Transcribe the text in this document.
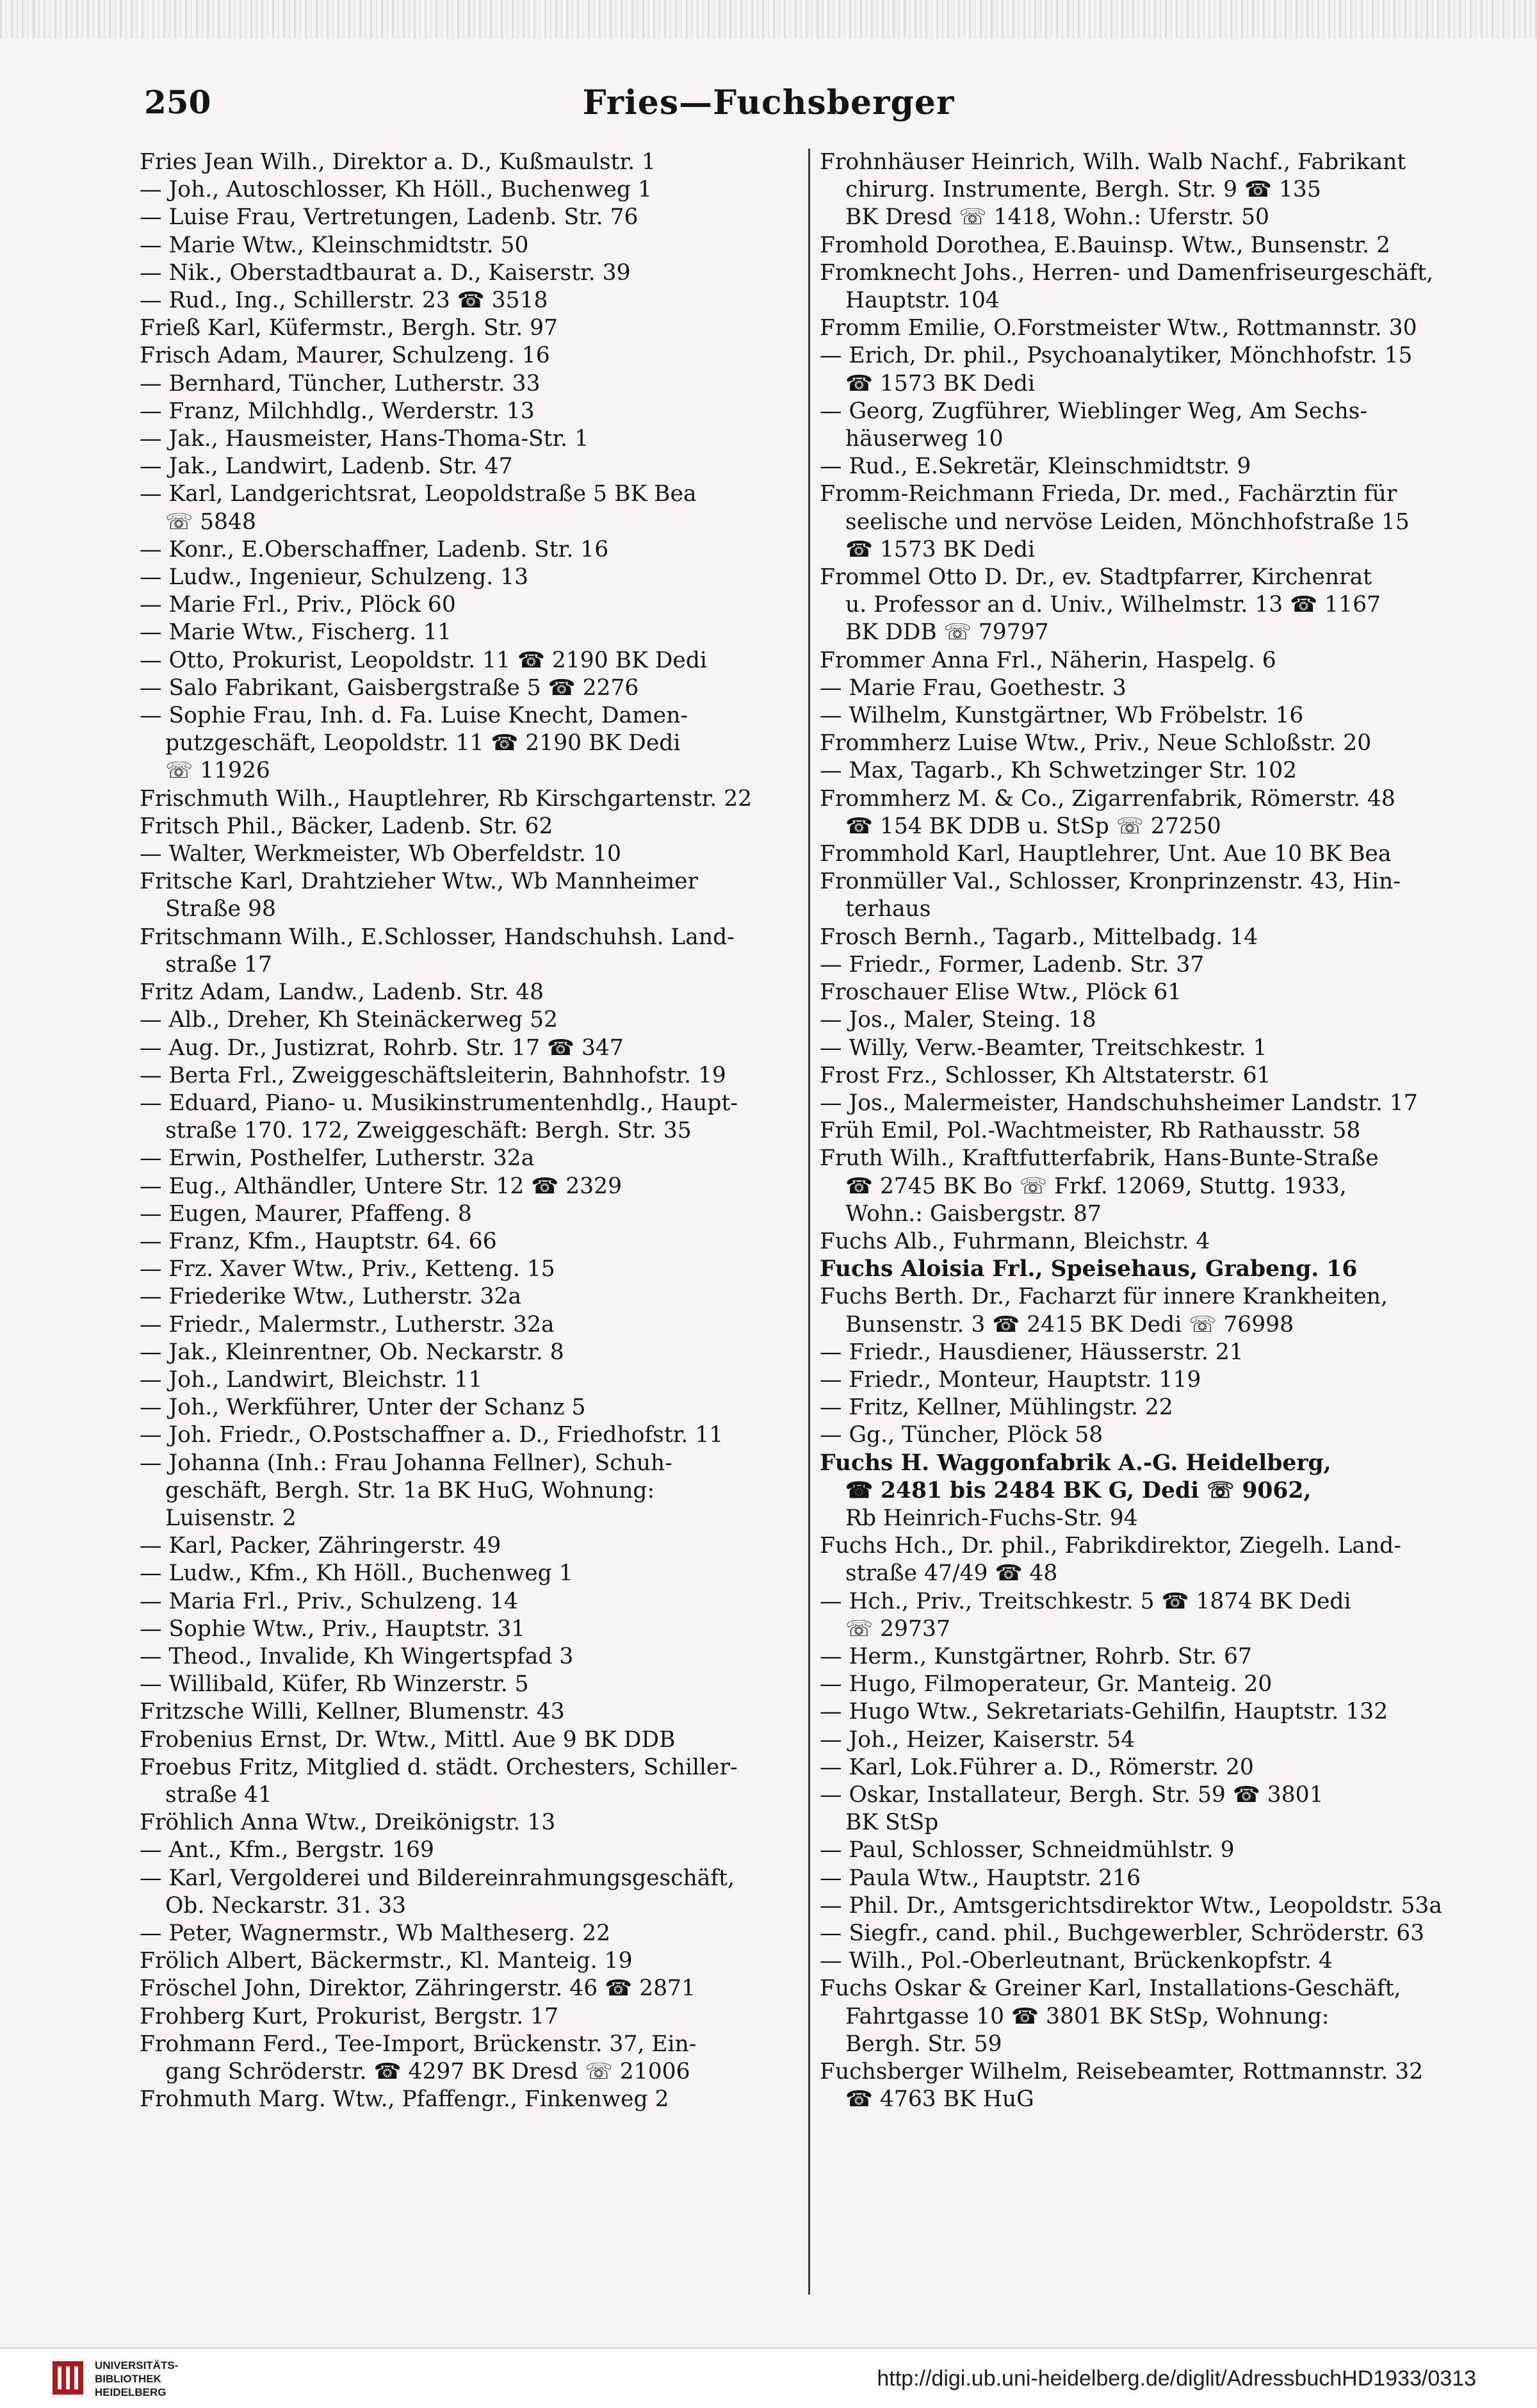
250	Fries—Fuchsberger
Fries Jean Wilh., Direktor a. D., Kußmaulstr. 1
— Joh., Autoschlosser, Kh Höll., Buchenweg 1
— Luise Frau, Vertretungen, Ladenb. Str. 76
— Marie Wtw., Kleinschmidtstr. 50
— Nik., Oberstadtbaurat a. D., Kaiserstr. 39
— Rud., Ing., Schillerstr. 23 ☎ 3518
Frieß Karl, Küfermstr., Bergh. Str. 97
Frisch Adam, Maurer, Schulzeng. 16
— Bernhard, Tüncher, Lutherstr. 33
— Franz, Milchhdlg., Werderstr. 13
— Jak., Hausmeister, Hans-Thoma-Str. 1
— Jak., Landwirt, Ladenb. Str. 47
— Karl, Landgerichtsrat, Leopoldstraße 5 BK Bea
☏ 5848
— Konr., E.Oberschaffner, Ladenb. Str. 16
— Ludw., Ingenieur, Schulzeng. 13
— Marie Frl., Priv., Plöck 60
— Marie Wtw., Fischerg. 11
— Otto, Prokurist, Leopoldstr. 11 ☎ 2190 BK Dedi
— Salo Fabrikant, Gaisbergstraße 5 ☎ 2276
— Sophie Frau, Inh. d. Fa. Luise Knecht, Damen-
putzgeschäft, Leopoldstr. 11 ☎ 2190 BK Dedi
☏ 11926
Frischmuth Wilh., Hauptlehrer, Rb Kirschgartenstr. 22
Fritsch Phil., Bäcker, Ladenb. Str. 62
— Walter, Werkmeister, Wb Oberfeldstr. 10
Fritsche Karl, Drahtzieher Wtw., Wb Mannheimer
Straße 98
Fritschmann Wilh., E.Schlosser, Handschuhsh. Land-
straße 17
Fritz Adam, Landw., Ladenb. Str. 48
— Alb., Dreher, Kh Steinäckerweg 52
— Aug. Dr., Justizrat, Rohrb. Str. 17 ☎ 347
— Berta Frl., Zweiggeschäftsleiterin, Bahnhofstr. 19
— Eduard, Piano- u. Musikinstrumentenhdlg., Haupt-
straße 170. 172, Zweiggeschäft: Bergh. Str. 35
— Erwin, Posthelfer, Lutherstr. 32a
— Eug., Althändler, Untere Str. 12 ☎ 2329
— Eugen, Maurer, Pfaffeng. 8
— Franz, Kfm., Hauptstr. 64. 66
— Frz. Xaver Wtw., Priv., Ketteng. 15
— Friederike Wtw., Lutherstr. 32a
— Friedr., Malermstr., Lutherstr. 32a
— Jak., Kleinrentner, Ob. Neckarstr. 8
— Joh., Landwirt, Bleichstr. 11
— Joh., Werkführer, Unter der Schanz 5
— Joh. Friedr., O.Postschaffner a. D., Friedhofstr. 11
— Johanna (Inh.: Frau Johanna Fellner), Schuh-
geschäft, Bergh. Str. 1a BK HuG, Wohnung:
Luisenstr. 2
— Karl, Packer, Zähringerstr. 49
— Ludw., Kfm., Kh Höll., Buchenweg 1
— Maria Frl., Priv., Schulzeng. 14
— Sophie Wtw., Priv., Hauptstr. 31
— Theod., Invalide, Kh Wingertspfad 3
— Willibald, Küfer, Rb Winzerstr. 5
Fritzsche Willi, Kellner, Blumenstr. 43
Frobenius Ernst, Dr. Wtw., Mittl. Aue 9 BK DDB
Froebus Fritz, Mitglied d. städt. Orchesters, Schiller-
straße 41
Fröhlich Anna Wtw., Dreikönigstr. 13
— Ant., Kfm., Bergstr. 169
— Karl, Vergolderei und Bildereinrahmungsgeschäft,
Ob. Neckarstr. 31. 33
— Peter, Wagnermstr., Wb Maltheserg. 22
Frölich Albert, Bäckermstr., Kl. Manteig. 19
Fröschel John, Direktor, Zähringerstr. 46 ☎ 2871
Frohberg Kurt, Prokurist, Bergstr. 17
Frohmann Ferd., Tee-Import, Brückenstr. 37, Ein-
gang Schröderstr. ☎ 4297 BK Dresd ☏ 21006
Frohmuth Marg. Wtw., Pfaffengr., Finkenweg 2
Frohnhäuser Heinrich, Wilh. Walb Nachf., Fabrikant
chirurg. Instrumente, Bergh. Str. 9 ☎ 135
BK Dresd ☏ 1418, Wohn.: Uferstr. 50
Fromhold Dorothea, E.Bauinsp. Wtw., Bunsenstr. 2
Fromknecht Johs., Herren- und Damenfriseurgeschäft,
Hauptstr. 104
Fromm Emilie, O.Forstmeister Wtw., Rottmannstr. 30
— Erich, Dr. phil., Psychoanalytiker, Mönchhofstr. 15
☎ 1573 BK Dedi
— Georg, Zugführer, Wieblinger Weg, Am Sechs-
häuserweg 10
— Rud., E.Sekretär, Kleinschmidtstr. 9
Fromm-Reichmann Frieda, Dr. med., Fachärztin für
seelische und nervöse Leiden, Mönchhofstraße 15
☎ 1573 BK Dedi
Frommel Otto D. Dr., ev. Stadtpfarrer, Kirchenrat
u. Professor an d. Univ., Wilhelmstr. 13 ☎ 1167
BK DDB ☏ 79797
Frommer Anna Frl., Näherin, Haspelg. 6
— Marie Frau, Goethestr. 3
— Wilhelm, Kunstgärtner, Wb Fröbelstr. 16
Frommherz Luise Wtw., Priv., Neue Schloßstr. 20
— Max, Tagarb., Kh Schwetzinger Str. 102
Frommherz M. & Co., Zigarrenfabrik, Römerstr. 48
☎ 154 BK DDB u. StSp ☏ 27250
Frommhold Karl, Hauptlehrer, Unt. Aue 10 BK Bea
Fronmüller Val., Schlosser, Kronprinzenstr. 43, Hin-
terhaus
Frosch Bernh., Tagarb., Mittelbadg. 14
— Friedr., Former, Ladenb. Str. 37
Froschauer Elise Wtw., Plöck 61
— Jos., Maler, Steing. 18
— Willy, Verw.-Beamter, Treitschkestr. 1
Frost Frz., Schlosser, Kh Altstaterstr. 61
— Jos., Malermeister, Handschuhsheimer Landstr. 17
Früh Emil, Pol.-Wachtmeister, Rb Rathausstr. 58
Fruth Wilh., Kraftfutterfabrik, Hans-Bunte-Straße
☎ 2745 BK Bo ☏ Frkf. 12069, Stuttg. 1933,
Wohn.: Gaisbergstr. 87
Fuchs Alb., Fuhrmann, Bleichstr. 4
Fuchs Aloisia Frl., Speisehaus, Grabeng. 16
Fuchs Berth. Dr., Facharzt für innere Krankheiten,
Bunsenstr. 3 ☎ 2415 BK Dedi ☏ 76998
— Friedr., Hausdiener, Häusserstr. 21
— Friedr., Monteur, Hauptstr. 119
— Fritz, Kellner, Mühlingstr. 22
— Gg., Tüncher, Plöck 58
Fuchs H. Waggonfabrik A.-G. Heidelberg,
☎ 2481 bis 2484 BK G, Dedi ☏ 9062,
Rb Heinrich-Fuchs-Str. 94
Fuchs Hch., Dr. phil., Fabrikdirektor, Ziegelh. Land-
straße 47/49 ☎ 48
— Hch., Priv., Treitschkestr. 5 ☎ 1874 BK Dedi
☏ 29737
— Herm., Kunstgärtner, Rohrb. Str. 67
— Hugo, Filmoperateur, Gr. Manteig. 20
— Hugo Wtw., Sekretariats-Gehilfin, Hauptstr. 132
— Joh., Heizer, Kaiserstr. 54
— Karl, Lok.Führer a. D., Römerstr. 20
— Oskar, Installateur, Bergh. Str. 59 ☎ 3801
BK StSp
— Paul, Schlosser, Schneidmühlstr. 9
— Paula Wtw., Hauptstr. 216
— Phil. Dr., Amtsgerichtsdirektor Wtw., Leopoldstr. 53a
— Siegfr., cand. phil., Buchgewerbler, Schröderstr. 63
— Wilh., Pol.-Oberleutnant, Brückenkopfstr. 4
Fuchs Oskar & Greiner Karl, Installations-Geschäft,
Fahrtgasse 10 ☎ 3801 BK StSp, Wohnung:
Bergh. Str. 59
Fuchsberger Wilhelm, Reisebeamter, Rottmannstr. 32
☎ 4763 BK HuG
UNIVERSITÄTS-
BIBLIOTHEK
HEIDELBERG
http://digi.ub.uni-heidelberg.de/diglit/AdressbuchHD1933/0313
